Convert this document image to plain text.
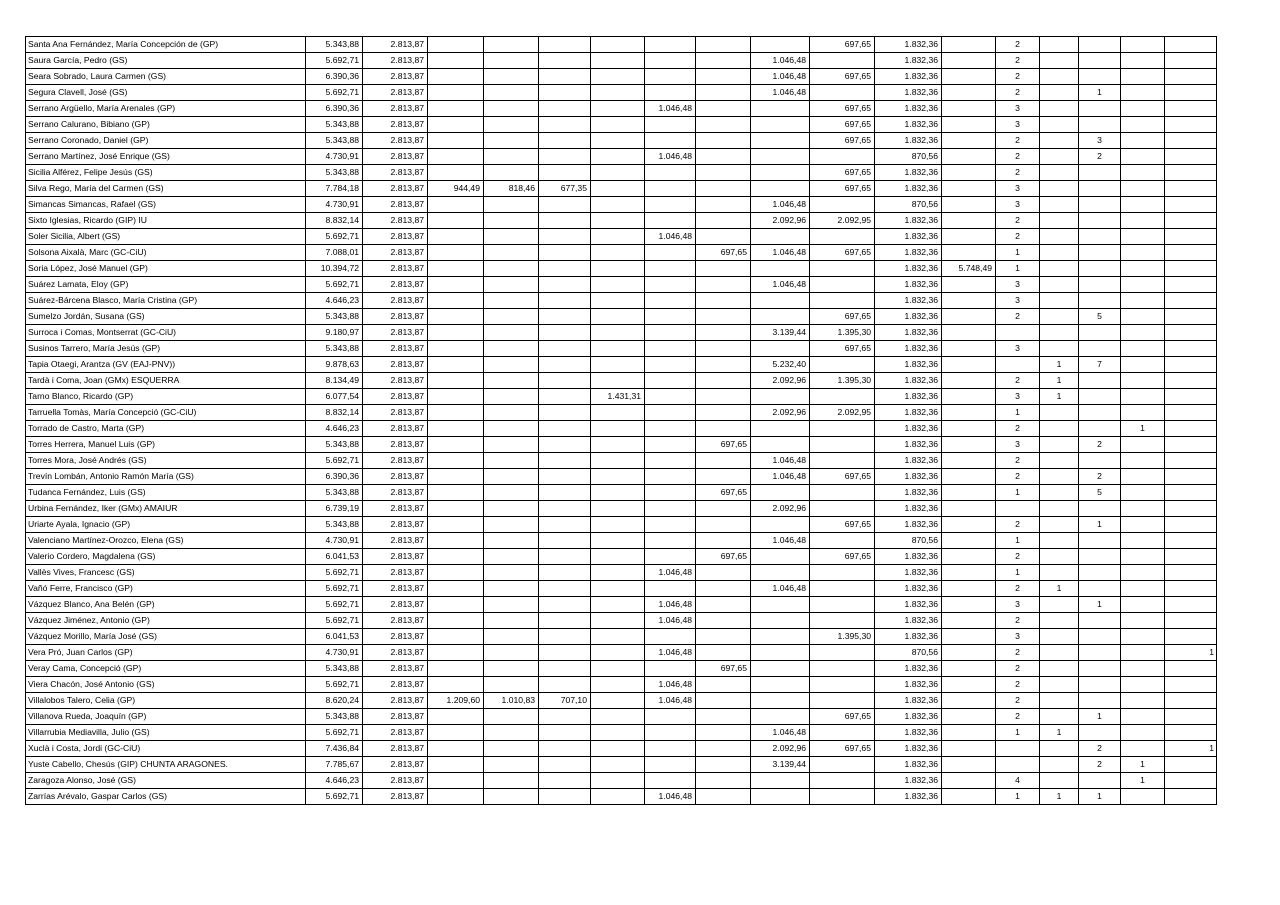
Santa Ana Fernández, María Concepción de (GP)	5.343,88	2.813,87								697,65	1.832,36		2				
Saura García, Pedro (GS)	5.692,71	2.813,87							1.046,48		1.832,36		2				
Seara Sobrado, Laura Carmen (GS)	6.390,36	2.813,87							1.046,48	697,65	1.832,36		2				
Segura Clavell, José (GS)	5.692,71	2.813,87							1.046,48		1.832,36		2		1		
Serrano Argüello, María Arenales (GP)	6.390,36	2.813,87					1.046,48			697,65	1.832,36		3				
Serrano Calurano, Bibiano (GP)	5.343,88	2.813,87								697,65	1.832,36		3				
Serrano Coronado, Daniel (GP)	5.343,88	2.813,87								697,65	1.832,36		2		3		
Serrano Martínez, José Enrique (GS)	4.730,91	2.813,87					1.046,48				870,56		2		2		
Sicilia Alférez, Felipe Jesús (GS)	5.343,88	2.813,87								697,65	1.832,36		2				
Silva Rego, María del Carmen (GS)	7.784,18	2.813,87	944,49	818,46	677,35					697,65	1.832,36		3				
Simancas Simancas, Rafael (GS)	4.730,91	2.813,87							1.046,48		870,56		3				
Sixto Iglesias, Ricardo (GIP) IU	8.832,14	2.813,87							2.092,96	2.092,95	1.832,36		2				
Soler Sicilia, Albert (GS)	5.692,71	2.813,87					1.046,48				1.832,36		2				
Solsona Aixalà, Marc (GC-CiU)	7.088,01	2.813,87						697,65	1.046,48	697,65	1.832,36		1				
Soria López, José Manuel (GP)	10.394,72	2.813,87									1.832,36	5.748,49	1				
Suárez Lamata, Eloy (GP)	5.692,71	2.813,87							1.046,48		1.832,36		3				
Suárez-Bárcena Blasco, María Cristina (GP)	4.646,23	2.813,87									1.832,36		3				
Sumelzo Jordán, Susana (GS)	5.343,88	2.813,87								697,65	1.832,36		2		5		
Surroca i Comas, Montserrat (GC-CiU)	9.180,97	2.813,87							3.139,44	1.395,30	1.832,36						
Susinos Tarrero, María Jesús (GP)	5.343,88	2.813,87								697,65	1.832,36		3				
Tapia Otaegi, Arantza (GV (EAJ-PNV))	9.878,63	2.813,87							5.232,40		1.832,36			1	7		
Tardà i Coma, Joan (GMx) ESQUERRA	8.134,49	2.813,87							2.092,96	1.395,30	1.832,36		2	1			
Tarno Blanco, Ricardo (GP)	6.077,54	2.813,87				1.431,31					1.832,36		3	1			
Tarruella Tomàs, María Concepció (GC-CiU)	8.832,14	2.813,87							2.092,96	2.092,95	1.832,36		1				
Torrado de Castro, Marta (GP)	4.646,23	2.813,87									1.832,36		2			1	
Torres Herrera, Manuel Luis (GP)	5.343,88	2.813,87						697,65			1.832,36		3		2		
Torres Mora, José Andrés (GS)	5.692,71	2.813,87							1.046,48		1.832,36		2				
Trevín Lombán, Antonio Ramón María (GS)	6.390,36	2.813,87							1.046,48	697,65	1.832,36		2		2		
Tudanca Fernández, Luis (GS)	5.343,88	2.813,87						697,65			1.832,36		1		5		
Urbina Fernández, Iker (GMx) AMAIUR	6.739,19	2.813,87							2.092,96		1.832,36						
Uriarte Ayala, Ignacio (GP)	5.343,88	2.813,87								697,65	1.832,36		2		1		
Valenciano Martínez-Orozco, Elena (GS)	4.730,91	2.813,87							1.046,48		870,56		1				
Valerio Cordero, Magdalena (GS)	6.041,53	2.813,87						697,65		697,65	1.832,36		2				
Vallès Vives, Francesc (GS)	5.692,71	2.813,87					1.046,48				1.832,36		1				
Vañó Ferre, Francisco (GP)	5.692,71	2.813,87							1.046,48		1.832,36		2	1			
Vázquez Blanco, Ana Belén (GP)	5.692,71	2.813,87					1.046,48				1.832,36		3		1		
Vázquez Jiménez, Antonio (GP)	5.692,71	2.813,87					1.046,48				1.832,36		2				
Vázquez Morillo, María José (GS)	6.041,53	2.813,87								1.395,30	1.832,36		3				
Vera Pró, Juan Carlos (GP)	4.730,91	2.813,87					1.046,48				870,56		2				1
Veray Cama, Concepció (GP)	5.343,88	2.813,87						697,65			1.832,36		2				
Viera Chacón, José Antonio (GS)	5.692,71	2.813,87					1.046,48				1.832,36		2				
Villalobos Talero, Celia (GP)	8.620,24	2.813,87	1.209,60	1.010,83	707,10		1.046,48				1.832,36		2				
Villanova Rueda, Joaquín (GP)	5.343,88	2.813,87								697,65	1.832,36		2		1		
Villarrubia Mediavilla, Julio (GS)	5.692,71	2.813,87							1.046,48		1.832,36		1	1			
Xuclà i Costa, Jordi (GC-CiU)	7.436,84	2.813,87							2.092,96	697,65	1.832,36				2		1
Yuste Cabello, Chesús (GIP) CHUNTA ARAGONES.	7.785,67	2.813,87							3.139,44		1.832,36				2	1	
Zaragoza Alonso, José (GS)	4.646,23	2.813,87									1.832,36		4			1	
Zarrías Arévalo, Gaspar Carlos (GS)	5.692,71	2.813,87					1.046,48				1.832,36		1	1	1		
